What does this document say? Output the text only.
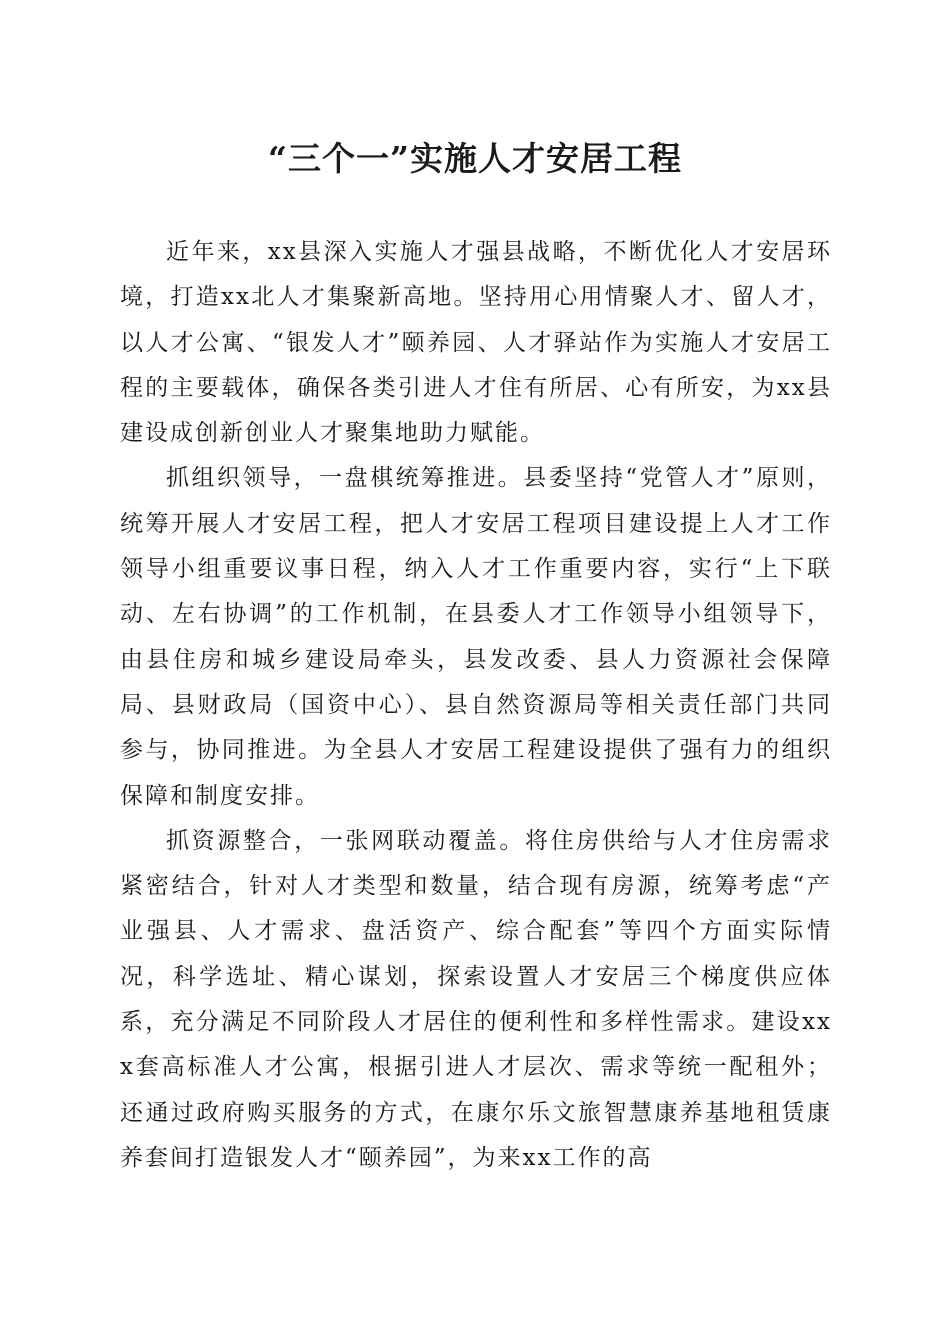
“三个一”实施人才安居工程

近年来，xx县深入实施人才强县战略，不断优化人才安居环境，打造xx北人才集聚新高地。坚持用心用情聚人才、留人才，以人才公寓、“银发人才”颐养园、人才驿站作为实施人才安居工程的主要载体，确保各类引进人才住有所居、心有所安，为xx县建设成创新创业人才聚集地助力赋能。

抓组织领导，一盘棋统筹推进。县委坚持“党管人才”原则，统筹开展人才安居工程，把人才安居工程项目建设提上人才工作领导小组重要议事日程，纳入人才工作重要内容，实行“上下联动、左右协调”的工作机制，在县委人才工作领导小组领导下，由县住房和城乡建设局牵头，县发改委、县人力资源社会保障局、县财政局（国资中心）、县自然资源局等相关责任部门共同参与，协同推进。为全县人才安居工程建设提供了强有力的组织保障和制度安排。

抓资源整合，一张网联动覆盖。将住房供给与人才住房需求紧密结合，针对人才类型和数量，结合现有房源，统筹考虑“产业强县、人才需求、盘活资产、综合配套”等四个方面实际情况，科学选址、精心谋划，探索设置人才安居三个梯度供应体系，充分满足不同阶段人才居住的便利性和多样性需求。建设xxx套高标准人才公寓，根据引进人才层次、需求等统一配租外；还通过政府购买服务的方式，在康尔乐文旅智慧康养基地租赁康养套间打造银发人才“颐养园”，为来xx工作的高
